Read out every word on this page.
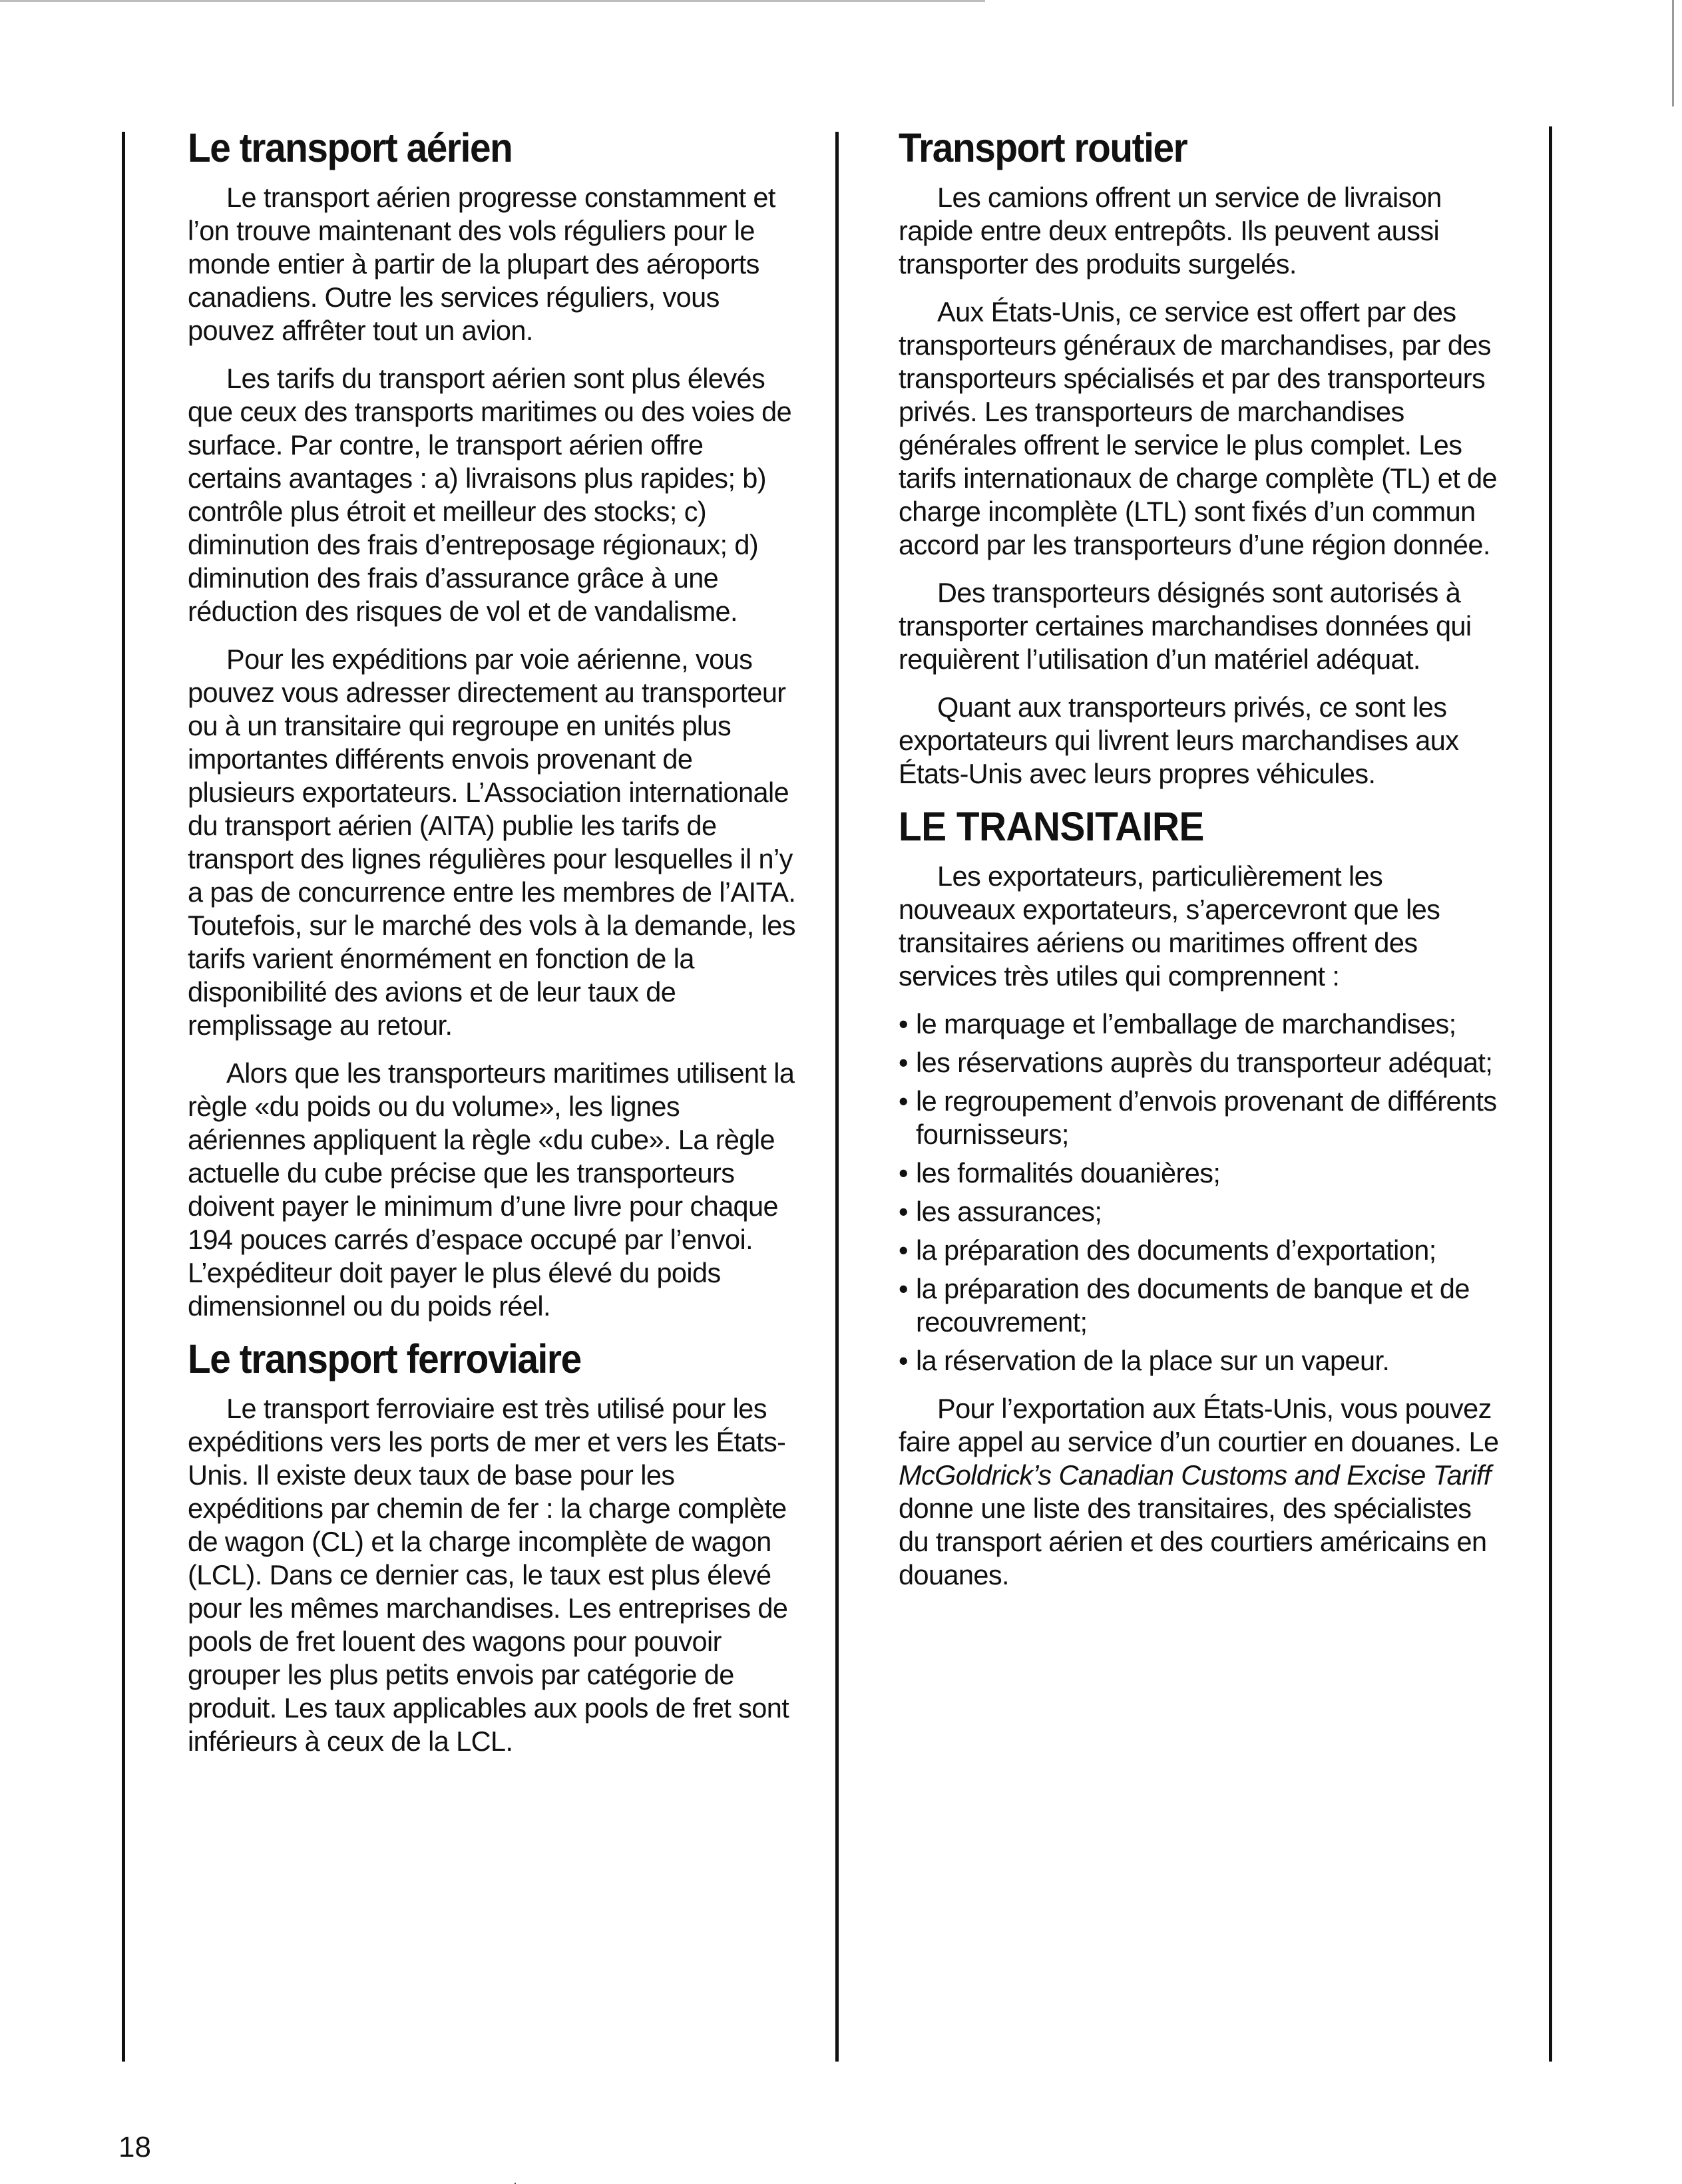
Le transport aérien

Le transport aérien progresse constamment et l’on trouve maintenant des vols réguliers pour le monde entier à partir de la plupart des aéroports canadiens. Outre les services réguliers, vous pouvez affrêter tout un avion.

Les tarifs du transport aérien sont plus élevés que ceux des transports maritimes ou des voies de surface. Par contre, le transport aérien offre certains avantages : a) livraisons plus rapides; b) contrôle plus étroit et meilleur des stocks; c) diminution des frais d’entreposage régionaux; d) diminution des frais d’assurance grâce à une réduction des risques de vol et de vandalisme.

Pour les expéditions par voie aérienne, vous pouvez vous adresser directement au transporteur ou à un transitaire qui regroupe en unités plus importantes différents envois provenant de plusieurs exportateurs. L’Association internationale du transport aérien (AITA) publie les tarifs de transport des lignes régulières pour lesquelles il n’y a pas de concurrence entre les membres de l’AITA. Toutefois, sur le marché des vols à la demande, les tarifs varient énormément en fonction de la disponibilité des avions et de leur taux de remplissage au retour.

Alors que les transporteurs maritimes utilisent la règle «du poids ou du volume», les lignes aériennes appliquent la règle «du cube». La règle actuelle du cube précise que les transporteurs doivent payer le minimum d’une livre pour chaque 194 pouces carrés d’espace occupé par l’envoi. L’expéditeur doit payer le plus élevé du poids dimensionnel ou du poids réel.

Le transport ferroviaire

Le transport ferroviaire est très utilisé pour les expéditions vers les ports de mer et vers les États-Unis. Il existe deux taux de base pour les expéditions par chemin de fer : la charge complète de wagon (CL) et la charge incomplète de wagon (LCL). Dans ce dernier cas, le taux est plus élevé pour les mêmes marchandises. Les entreprises de pools de fret louent des wagons pour pouvoir grouper les plus petits envois par catégorie de produit. Les taux applicables aux pools de fret sont inférieurs à ceux de la LCL.

Transport routier

Les camions offrent un service de livraison rapide entre deux entrepôts. Ils peuvent aussi transporter des produits surgelés.

Aux États-Unis, ce service est offert par des transporteurs généraux de marchandises, par des transporteurs spécialisés et par des transporteurs privés. Les transporteurs de marchandises générales offrent le service le plus complet. Les tarifs internationaux de charge complète (TL) et de charge incomplète (LTL) sont fixés d’un commun accord par les transporteurs d’une région donnée.

Des transporteurs désignés sont autorisés à transporter certaines marchandises données qui requièrent l’utilisation d’un matériel adéquat.

Quant aux transporteurs privés, ce sont les exportateurs qui livrent leurs marchandises aux États-Unis avec leurs propres véhicules.

LE TRANSITAIRE

Les exportateurs, particulièrement les nouveaux exportateurs, s’apercevront que les transitaires aériens ou maritimes offrent des services très utiles qui comprennent :

• le marquage et l’emballage de marchandises;
• les réservations auprès du transporteur adéquat;
• le regroupement d’envois provenant de différents fournisseurs;
• les formalités douanières;
• les assurances;
• la préparation des documents d’exportation;
• la préparation des documents de banque et de recouvrement;
• la réservation de la place sur un vapeur.

Pour l’exportation aux États-Unis, vous pouvez faire appel au service d’un courtier en douanes. Le McGoldrick’s Canadian Customs and Excise Tariff donne une liste des transitaires, des spécialistes du transport aérien et des courtiers américains en douanes.

18
